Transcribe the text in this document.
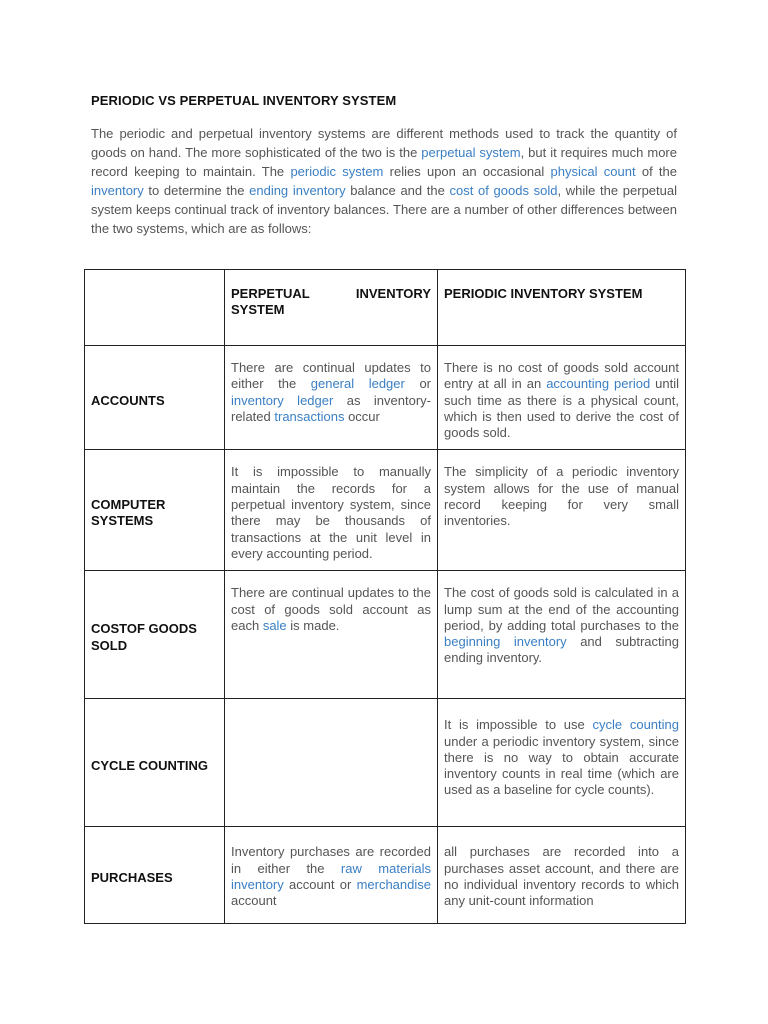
PERIODIC VS PERPETUAL INVENTORY SYSTEM

The periodic and perpetual inventory systems are different methods used to track the quantity of goods on hand. The more sophisticated of the two is the perpetual system, but it requires much more record keeping to maintain. The periodic system relies upon an occasional physical count of the inventory to determine the ending inventory balance and the cost of goods sold, while the perpetual system keeps continual track of inventory balances. There are a number of other differences between the two systems, which are as follows:

	PERPETUAL INVENTORY SYSTEM	PERIODIC INVENTORY SYSTEM
ACCOUNTS	There are continual updates to either the general ledger or inventory ledger as inventory-related transactions occur	There is no cost of goods sold account entry at all in an accounting period until such time as there is a physical count, which is then used to derive the cost of goods sold.
COMPUTER SYSTEMS	It is impossible to manually maintain the records for a perpetual inventory system, since there may be thousands of transactions at the unit level in every accounting period.	The simplicity of a periodic inventory system allows for the use of manual record keeping for very small inventories.
COSTOF GOODS SOLD	There are continual updates to the cost of goods sold account as each sale is made.	The cost of goods sold is calculated in a lump sum at the end of the accounting period, by adding total purchases to the beginning inventory and subtracting ending inventory.
CYCLE COUNTING		It is impossible to use cycle counting under a periodic inventory system, since there is no way to obtain accurate inventory counts in real time (which are used as a baseline for cycle counts).
PURCHASES	Inventory purchases are recorded in either the raw materials inventory account or merchandise account	all purchases are recorded into a purchases asset account, and there are no individual inventory records to which any unit-count information
